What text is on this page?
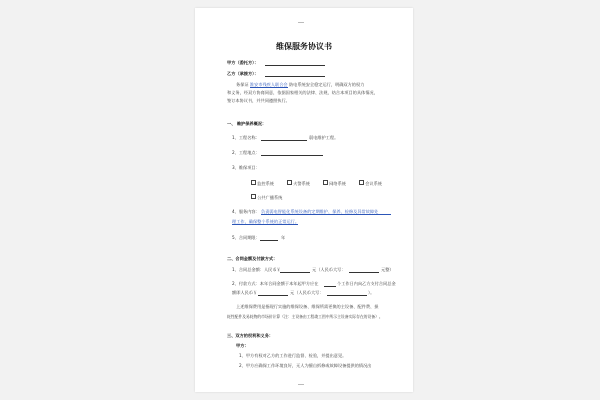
维保服务协议书
甲方（委托方）：
乙方（承接方）：
务保证 淮安市残疾人联合会 防电系统安全稳定运行，明确双方的权力
和义务，经双方协商同意，依据国家相关的法律、法规，结合本项目的具体情况，
签订本协议书，并共同遵照执行。
一、 维护保养概况：
1、工程名称：	弱电维护工程。
2、工程地点：
3、维保项目：
监控系统	火警系统	网络系统	会议系统
公共广播系统
4、服务内容： 负责弱电智能化系统设备的定期维护、保养、检修及异常故障处
理工作，确保整个系统的正常运行。
5、合同期限：	年
二、合同金额及付款方式：
1、合同总金额：人民币￥	元（人民币大写：	元整）
2、付款方式：本年合同金额于本年起甲方应在	个工作日内向乙方支付合同总金
额即人民币￥	元（人民币大写：	）。
上述维保费用是指现行实施的维保设备、维保所需更换的主设备、配件费、损
耗性配件及易耗物的市场价计算（注：主设备由工程竣工图中所示主设备实际存在的设备）。
三、双方的权利和义务：
甲方：
1、甲方有权对乙方的工作进行监督、检验，并提出意见。
2、甲方应确保工作环境良好，无人为擅自拆修或故障设备提供的情况出
